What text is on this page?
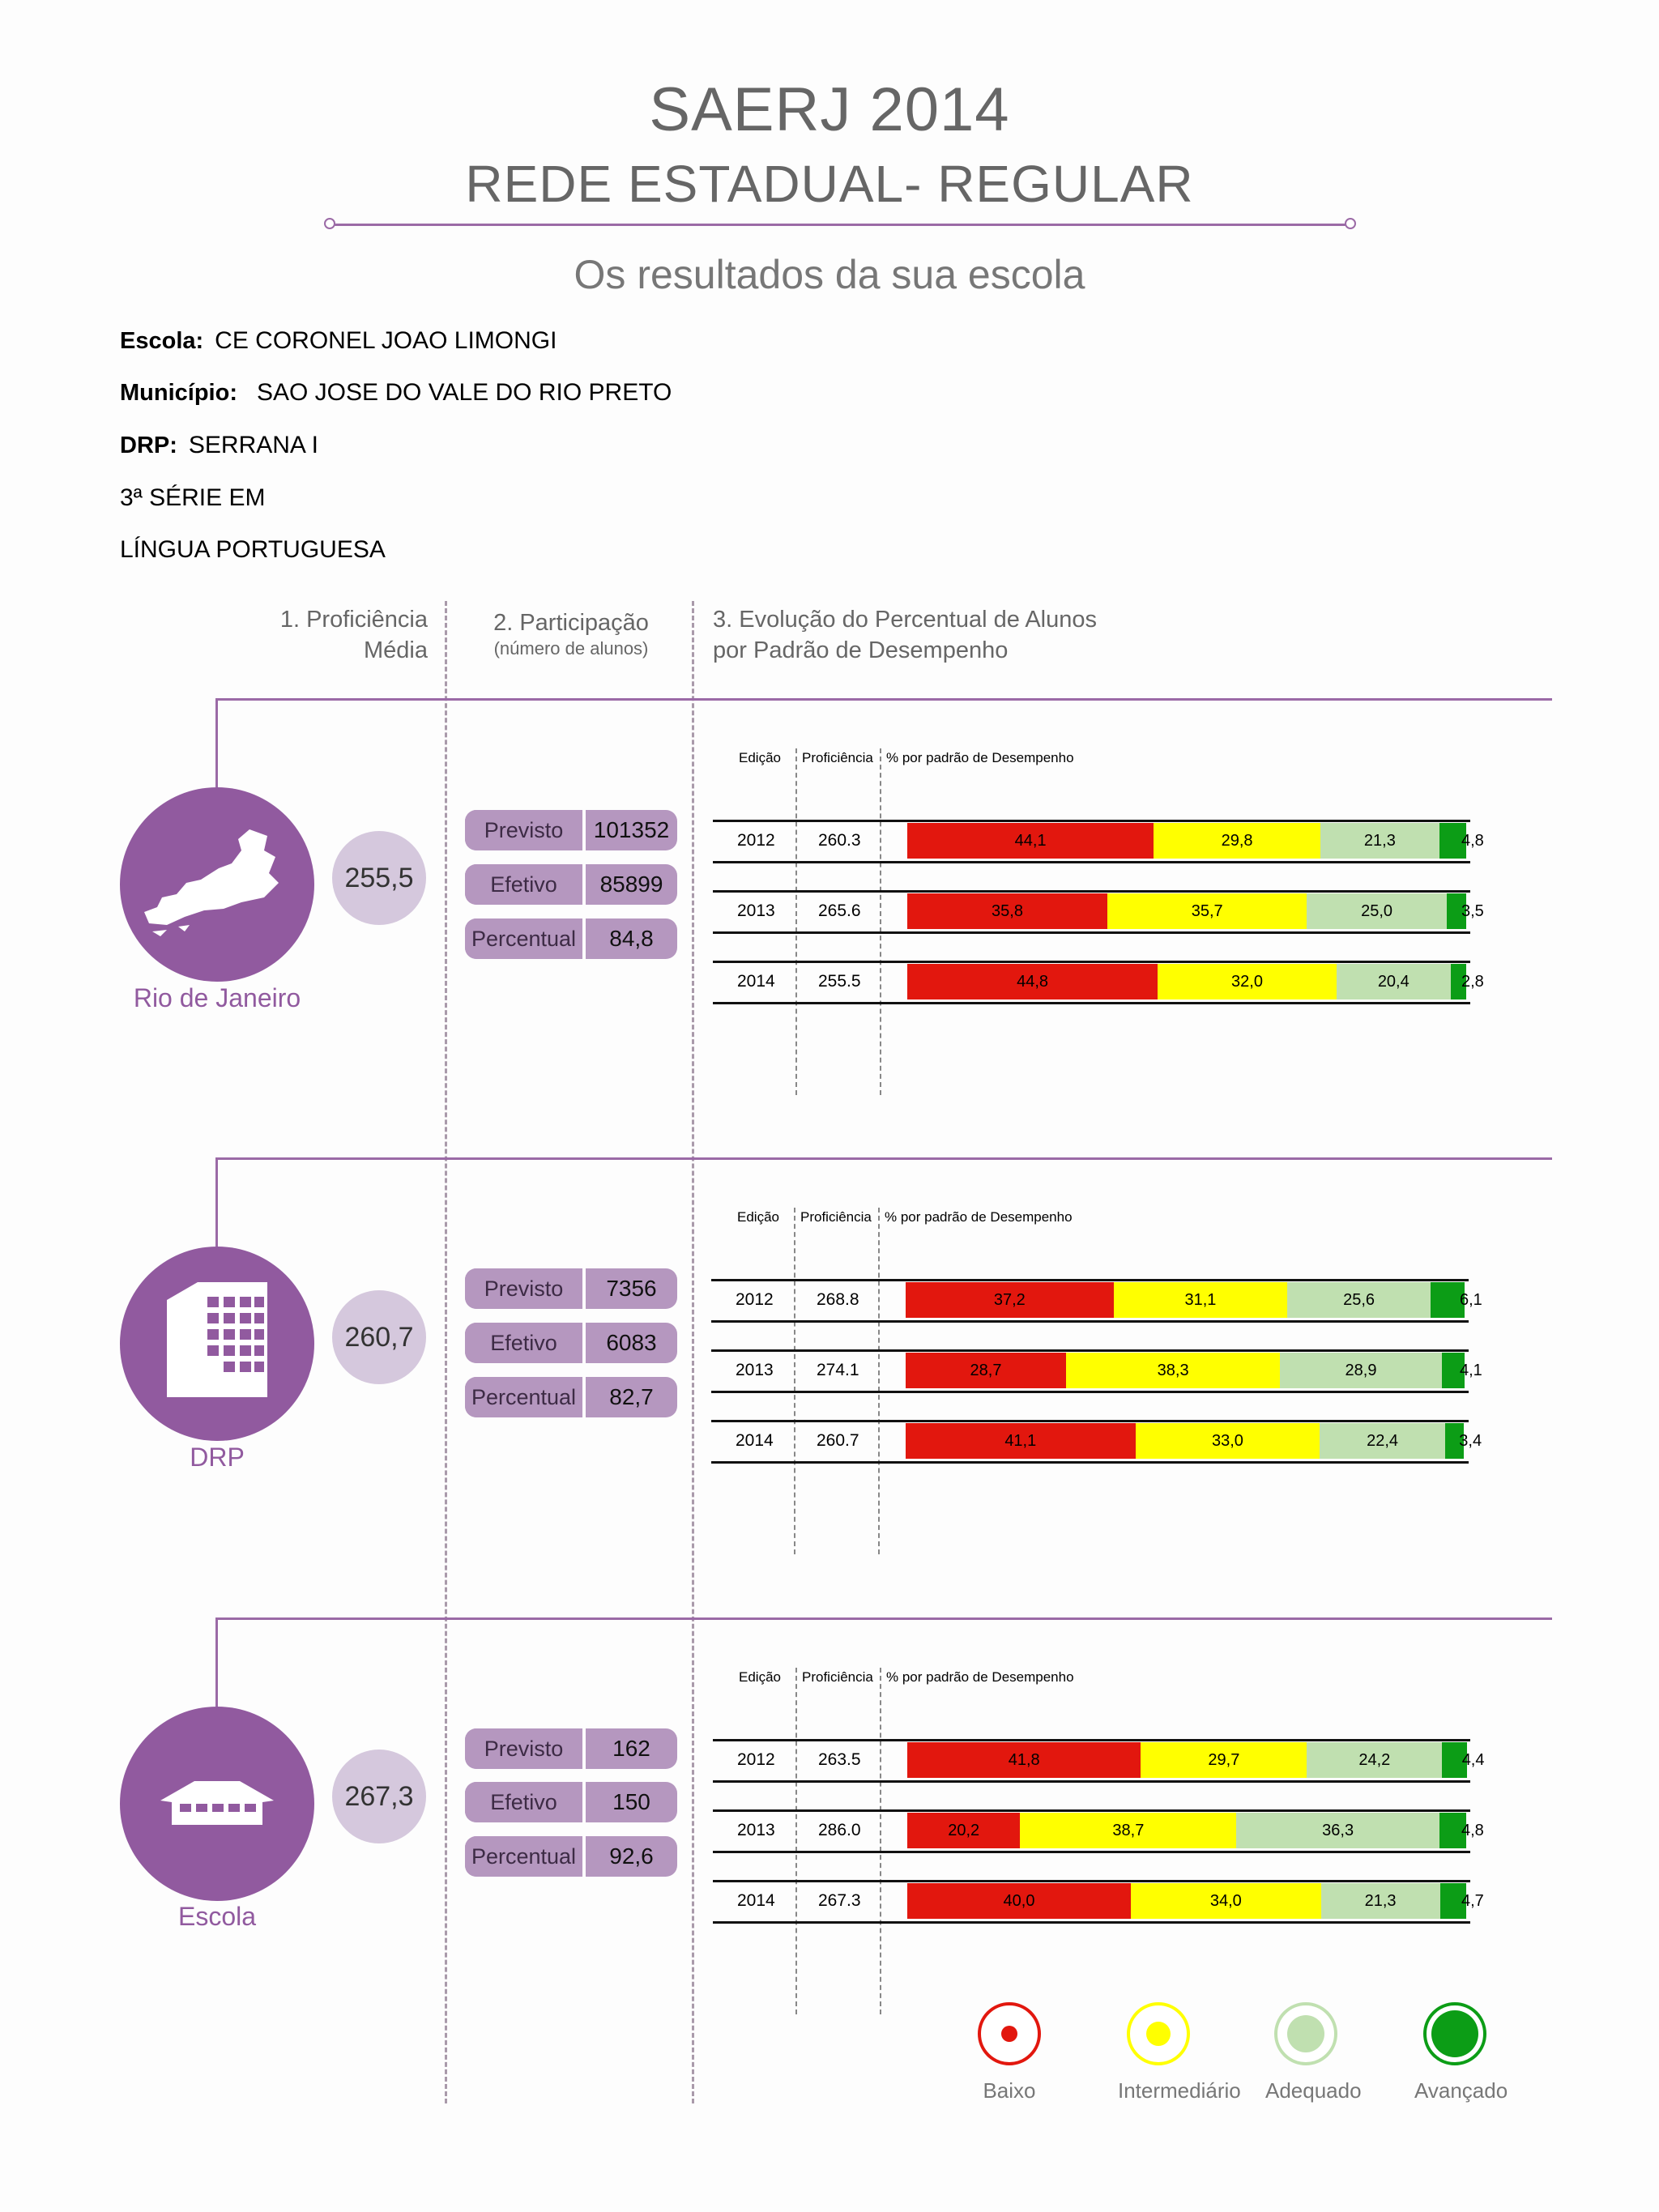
SAERJ 2014
REDE ESTADUAL- REGULAR
Os resultados da sua escola
Escola: CE CORONEL JOAO LIMONGI
Município: SAO JOSE DO VALE DO RIO PRETO
DRP: SERRANA I
3ª SÉRIE EM
LÍNGUA PORTUGUESA
1. Proficiência
Média
2. Participação
(número de alunos)
3. Evolução do Percentual de Alunos
por Padrão de Desempenho
Rio de Janeiro
255,5
Previsto	101352
Efetivo	85899
Percentual	84,8
Edição Proficiência % por padrão de Desempenho
2012	260.3	44,1	29,8	21,3	4,8
2013	265.6	35,8	35,7	25,0	3,5
2014	255.5	44,8	32,0	20,4	2,8
DRP
260,7
Previsto	7356
Efetivo	6083
Percentual	82,7
Edição Proficiência % por padrão de Desempenho
2012	268.8	37,2	31,1	25,6	6,1
2013	274.1	28,7	38,3	28,9	4,1
2014	260.7	41,1	33,0	22,4	3,4
Escola
267,3
Previsto	162
Efetivo	150
Percentual	92,6
Edição Proficiência % por padrão de Desempenho
2012	263.5	41,8	29,7	24,2	4,4
2013	286.0	20,2	38,7	36,3	4,8
2014	267.3	40,0	34,0	21,3	4,7
Baixo	Intermediário Adequado	Avançado
